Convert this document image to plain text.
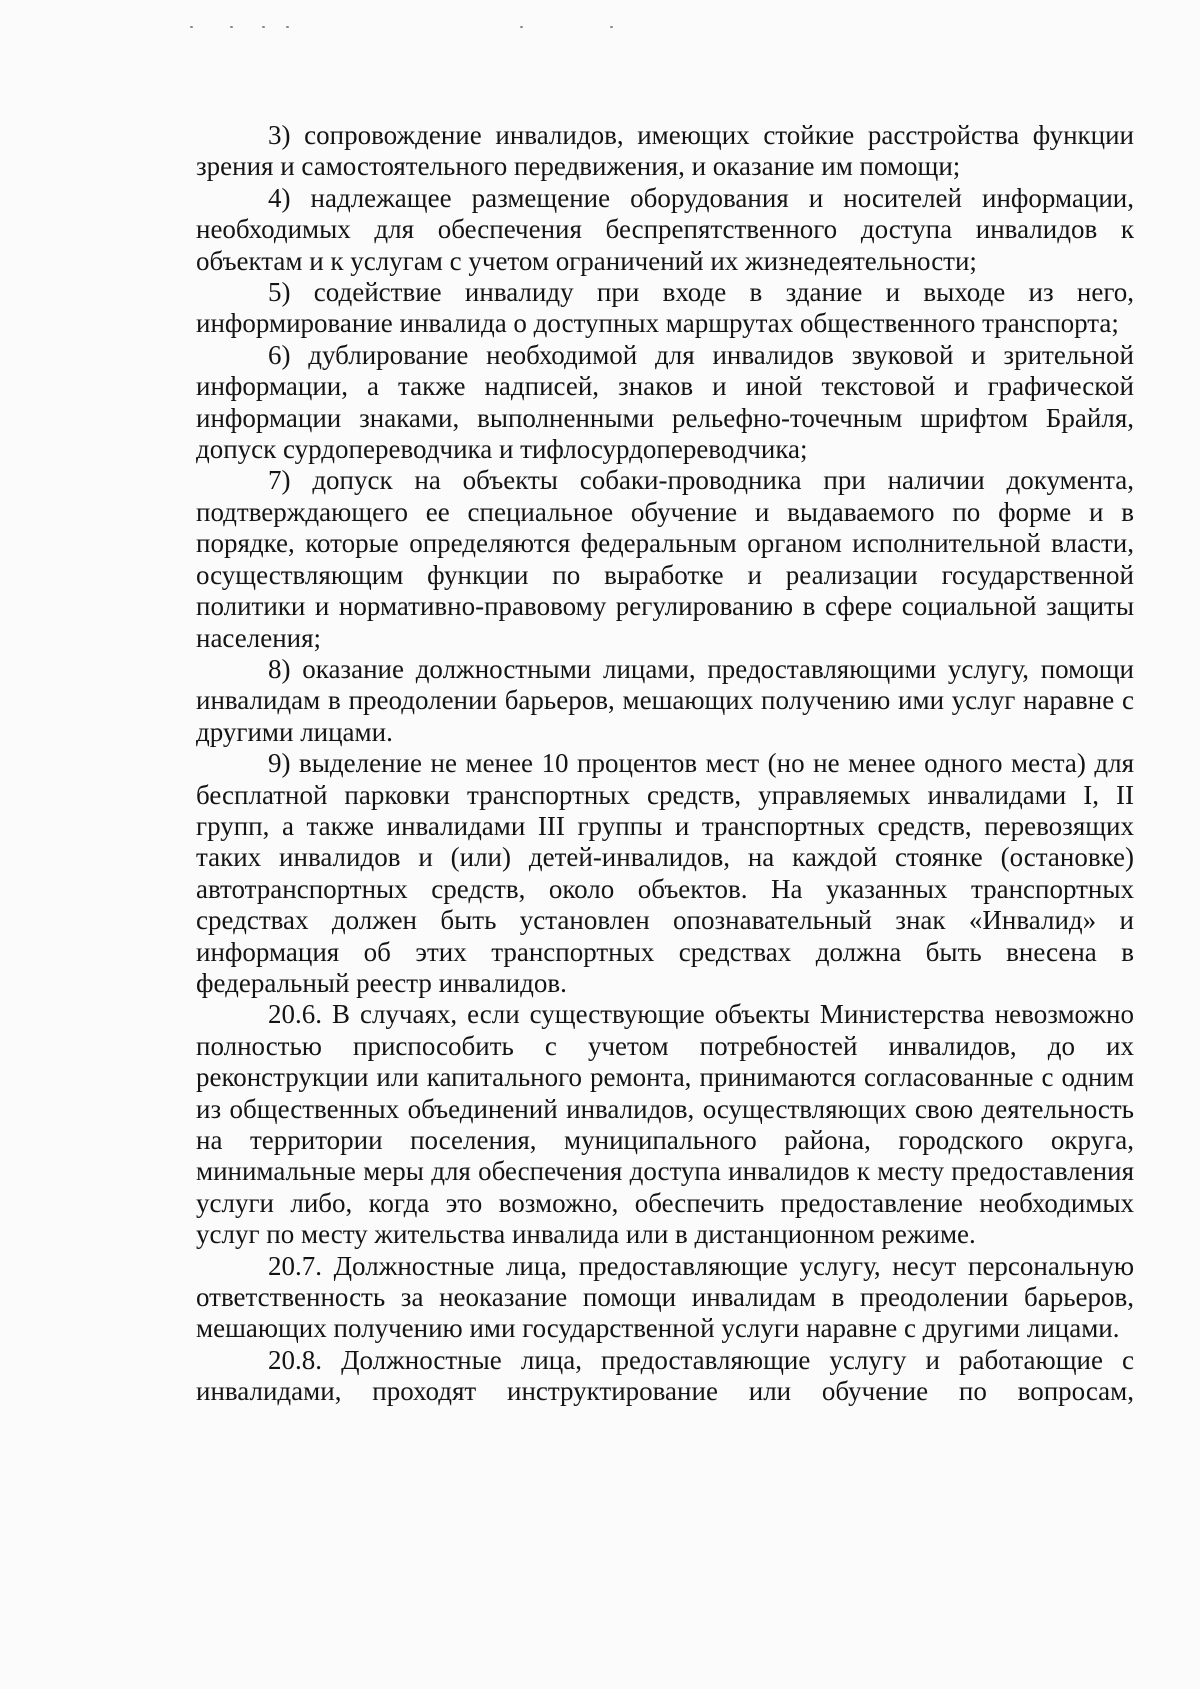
3) сопровождение инвалидов, имеющих стойкие расстройства функции зрения и самостоятельного передвижения, и оказание им помощи;

4) надлежащее размещение оборудования и носителей информации, необходимых для обеспечения беспрепятственного доступа инвалидов к объектам и к услугам с учетом ограничений их жизнедеятельности;

5) содействие инвалиду при входе в здание и выходе из него, информирование инвалида о доступных маршрутах общественного транспорта;

6) дублирование необходимой для инвалидов звуковой и зрительной информации, а также надписей, знаков и иной текстовой и графической информации знаками, выполненными рельефно-точечным шрифтом Брайля, допуск сурдопереводчика и тифлосурдопереводчика;

7) допуск на объекты собаки-проводника при наличии документа, подтверждающего ее специальное обучение и выдаваемого по форме и в порядке, которые определяются федеральным органом исполнительной власти, осуществляющим функции по выработке и реализации государственной политики и нормативно-правовому регулированию в сфере социальной защиты населения;

8) оказание должностными лицами, предоставляющими услугу, помощи инвалидам в преодолении барьеров, мешающих получению ими услуг наравне с другими лицами.

9) выделение не менее 10 процентов мест (но не менее одного места) для бесплатной парковки транспортных средств, управляемых инвалидами I, II групп, а также инвалидами III группы и транспортных средств, перевозящих таких инвалидов и (или) детей-инвалидов, на каждой стоянке (остановке) автотранспортных средств, около объектов. На указанных транспортных средствах должен быть установлен опознавательный знак «Инвалид» и информация об этих транспортных средствах должна быть внесена в федеральный реестр инвалидов.

20.6. В случаях, если существующие объекты Министерства невозможно полностью приспособить с учетом потребностей инвалидов, до их реконструкции или капитального ремонта, принимаются согласованные с одним из общественных объединений инвалидов, осуществляющих свою деятельность на территории поселения, муниципального района, городского округа, минимальные меры для обеспечения доступа инвалидов к месту предоставления услуги либо, когда это возможно, обеспечить предоставление необходимых услуг по месту жительства инвалида или в дистанционном режиме.

20.7. Должностные лица, предоставляющие услугу, несут персональную ответственность за неоказание помощи инвалидам в преодолении барьеров, мешающих получению ими государственной услуги наравне с другими лицами.

20.8. Должностные лица, предоставляющие услугу и работающие с инвалидами, проходят инструктирование или обучение по вопросам,
